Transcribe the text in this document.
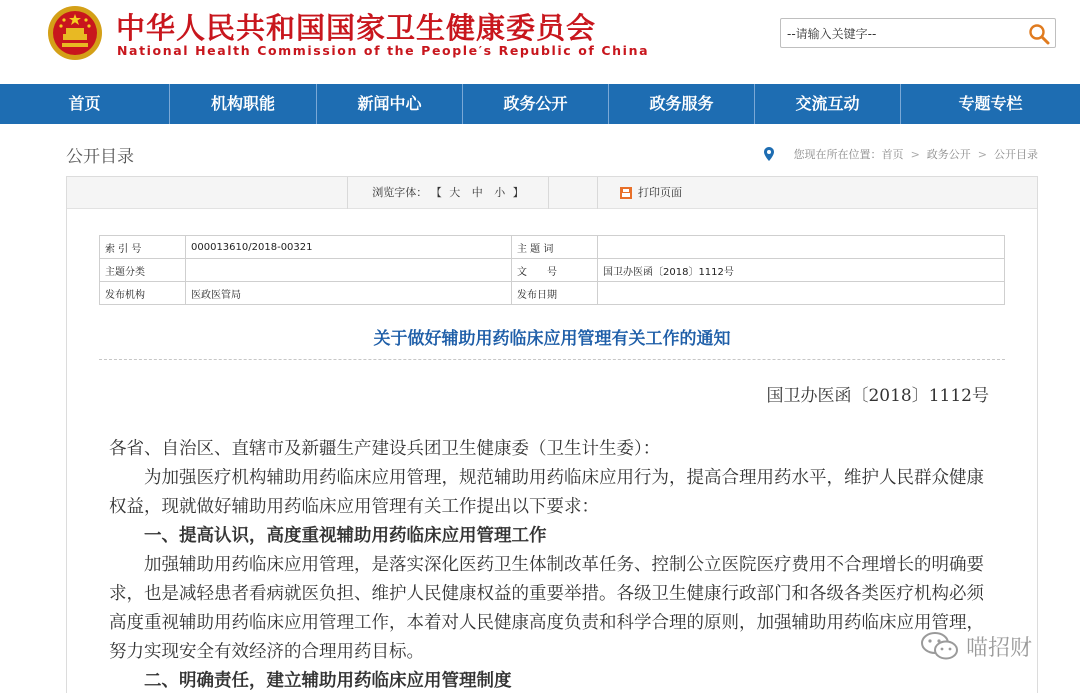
中华人民共和国国家卫生健康委员会
National Health Commission of the People′s Republic of China
--请输入关键字--
首页	机构职能	新闻中心	政务公开	政务服务	交流互动	专题专栏
公开目录	您现在所在位置： 首页 > 政务公开 > 公开目录
浏览字体： 【 大 中 小 】	打印页面
索 引 号	000013610/2018-00321	主 题 词	
主题分类		文　　号	国卫办医函〔2018〕1112号
发布机构	医政医管局	发布日期	
关于做好辅助用药临床应用管理有关工作的通知
国卫办医函〔2018〕1112号

各省、自治区、直辖市及新疆生产建设兵团卫生健康委（卫生计生委）：

为加强医疗机构辅助用药临床应用管理，规范辅助用药临床应用行为，提高合理用药水平，维护人民群众健康权益，现就做好辅助用药临床应用管理有关工作提出以下要求：

一、提高认识，高度重视辅助用药临床应用管理工作

加强辅助用药临床应用管理，是落实深化医药卫生体制改革任务、控制公立医院医疗费用不合理增长的明确要求，也是减轻患者看病就医负担、维护人民健康权益的重要举措。各级卫生健康行政部门和各级各类医疗机构必须高度重视辅助用药临床应用管理工作，本着对人民健康高度负责和科学合理的原则，加强辅助用药临床应用管理，努力实现安全有效经济的合理用药目标。

二、明确责任，建立辅助用药临床应用管理制度

喵招财
